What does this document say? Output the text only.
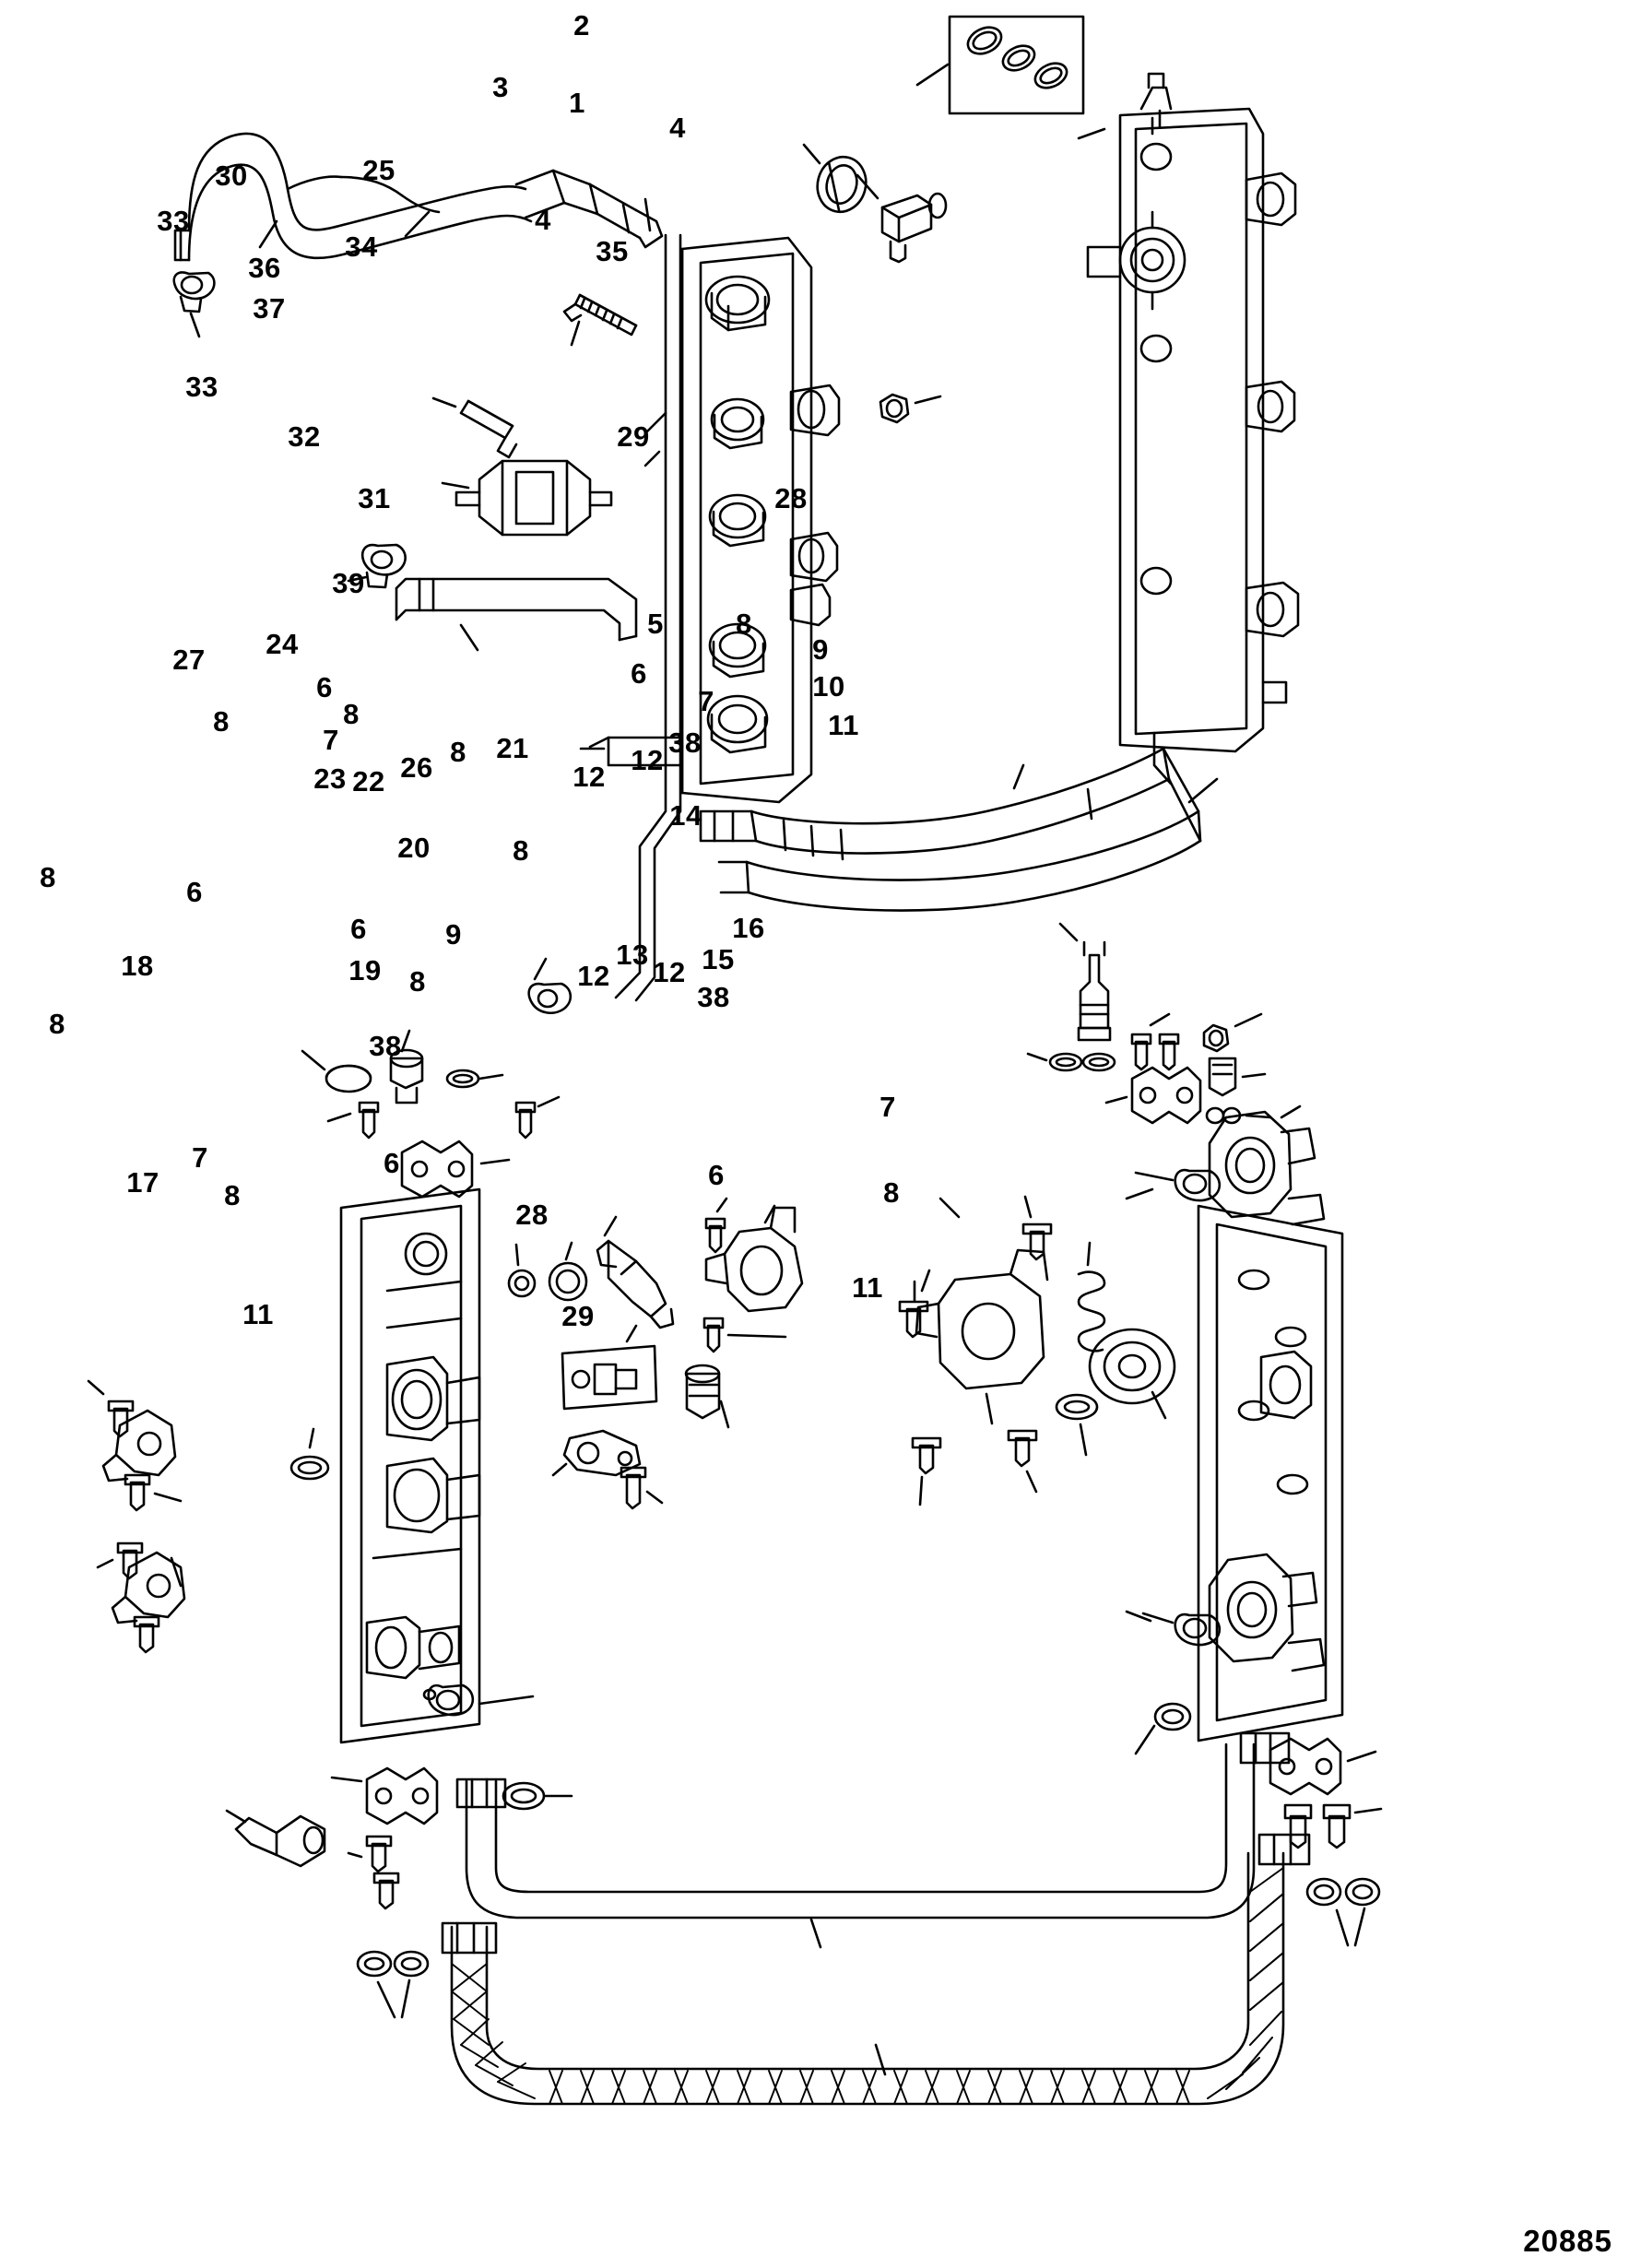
2
3 1
4
30	25
33
34
4
35
36
37
33
32
31
29
28
39
5	8
9
6	10
7
11
27 24
6
8	8
7	8 21	38
23 22 26	12
12
14
20	8
8	6
16
6	9
18	19 8	12
13
12 15
8
38
38
7
6
7
17
6
8
8
28
11
11	29
20885
